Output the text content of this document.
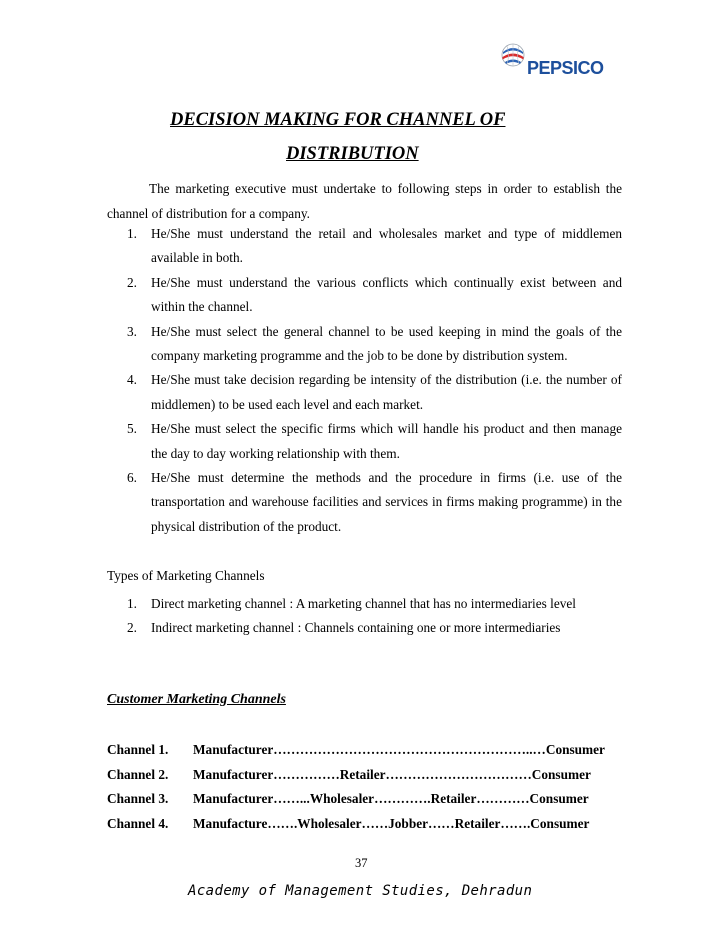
PEPSICO
DECISION MAKING FOR CHANNEL OF
DISTRIBUTION
The marketing executive must undertake to following steps in order to establish the channel of distribution for a company.
1. He/She must understand the retail and wholesales market and type of middlemen available in both.
2. He/She must understand the various conflicts which continually exist between and within the channel.
3. He/She must select the general channel to be used keeping in mind the goals of the company marketing programme and the job to be done by distribution system.
4. He/She must take decision regarding be intensity of the distribution (i.e. the number of middlemen) to be used each level and each market.
5. He/She must select the specific firms which will handle his product and then manage the day to day working relationship with them.
6. He/She must determine the methods and the procedure in firms (i.e. use of the transportation and warehouse facilities and services in firms making programme) in the physical distribution of the product.
Types of Marketing Channels
1. Direct marketing channel : A marketing channel that has no intermediaries level
2. Indirect marketing channel : Channels containing one or more intermediaries
Customer Marketing Channels
Channel 1. Manufacturer…………………………………………………..…Consumer
Channel 2. Manufacturer……………Retailer……………………………Consumer
Channel 3. Manufacturer……...Wholesaler………….Retailer…………Consumer
Channel 4. Manufacture…….Wholesaler……Jobber……Retailer…….Consumer
37
Academy of Management Studies, Dehradun
